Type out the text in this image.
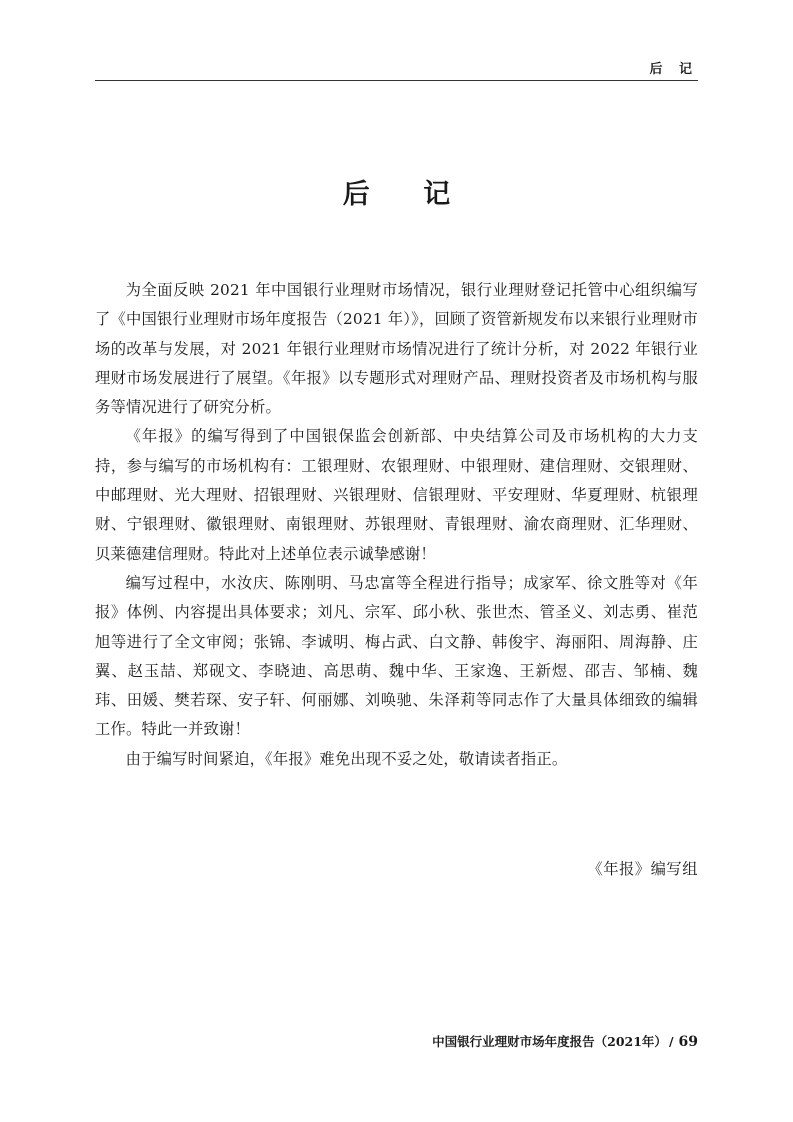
后 记
后 记

为全面反映 2021 年中国银行业理财市场情况，银行业理财登记托管中心组织编写了《中国银行业理财市场年度报告（2021 年）》，回顾了资管新规发布以来银行业理财市场的改革与发展，对 2021 年银行业理财市场情况进行了统计分析，对 2022 年银行业理财市场发展进行了展望。《年报》以专题形式对理财产品、理财投资者及市场机构与服务等情况进行了研究分析。

《年报》的编写得到了中国银保监会创新部、中央结算公司及市场机构的大力支持，参与编写的市场机构有：工银理财、农银理财、中银理财、建信理财、交银理财、中邮理财、光大理财、招银理财、兴银理财、信银理财、平安理财、华夏理财、杭银理财、宁银理财、徽银理财、南银理财、苏银理财、青银理财、渝农商理财、汇华理财、贝莱德建信理财。特此对上述单位表示诚挚感谢！

编写过程中，水汝庆、陈刚明、马忠富等全程进行指导；成家军、徐文胜等对《年报》体例、内容提出具体要求；刘凡、宗军、邱小秋、张世杰、管圣义、刘志勇、崔范旭等进行了全文审阅；张锦、李诚明、梅占武、白文静、韩俊宇、海丽阳、周海静、庄翼、赵玉喆、郑砚文、李晓迪、高思萌、魏中华、王家逸、王新煜、邵吉、邹楠、魏玮、田媛、樊若琛、安子轩、何丽娜、刘唤驰、朱泽莉等同志作了大量具体细致的编辑工作。特此一并致谢！

由于编写时间紧迫，《年报》难免出现不妥之处，敬请读者指正。

《年报》编写组
中国银行业理财市场年度报告（2021年） / 69
